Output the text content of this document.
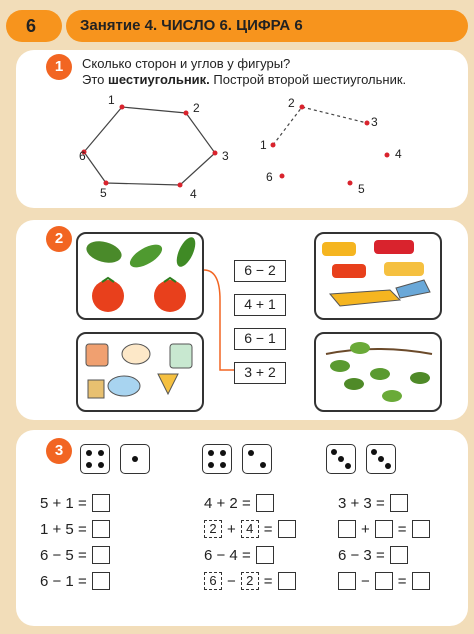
6	Занятие 4. ЧИСЛО 6. ЦИФРА 6
1	Сколько сторон и углов у фигуры?
Это шестиугольник. Построй второй шестиугольник.
1
2
3
4
5
6
1
2
3
4
5
6
2
6 − 2
4 + 1
6 − 1
3 + 2
3
5 + 1 =
1 + 5 =
6 − 5 =
6 − 1 =
4 + 2 =
2 + 4 =
6 − 4 =
6 − 2 =
3 + 3 =
+ =
6 − 3 =
− =
